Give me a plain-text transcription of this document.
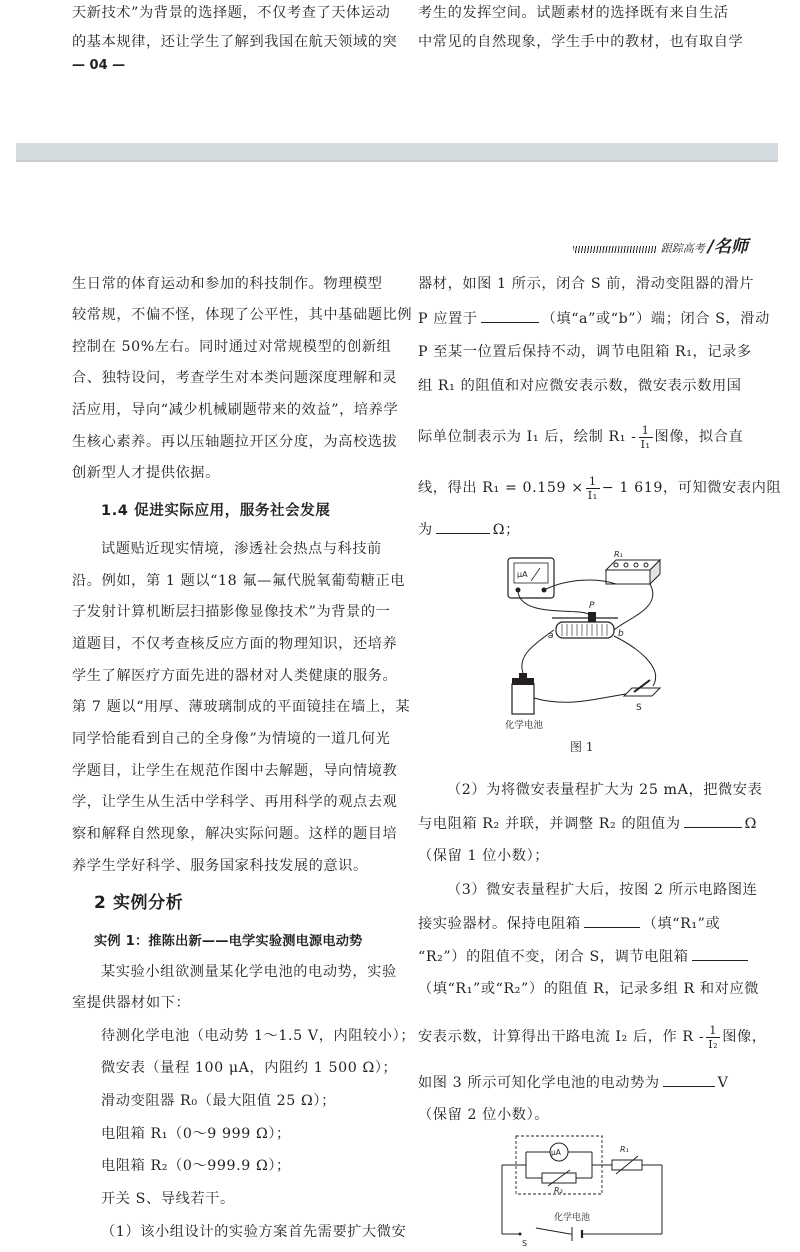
天新技术”为背景的选择题，不仅考查了天体运动
的基本规律，还让学生了解到我国在航天领域的突
考生的发挥空间。试题素材的选择既有来自生活
中常见的自然现象，学生手中的教材，也有取自学
— 04 —
跟踪高考 /名师
生日常的体育运动和参加的科技制作。物理模型
较常规，不偏不怪，体现了公平性，其中基础题比例
控制在 50%左右。同时通过对常规模型的创新组
合、独特设问，考查学生对本类问题深度理解和灵
活应用，导向“减少机械刷题带来的效益”，培养学
生核心素养。再以压轴题拉开区分度，为高校选拔
创新型人才提供依据。
1.4 促进实际应用，服务社会发展
试题贴近现实情境，渗透社会热点与科技前
沿。例如，第 1 题以“18 氟—氟代脱氧葡萄糖正电
子发射计算机断层扫描影像显像技术”为背景的一
道题目，不仅考查核反应方面的物理知识，还培养
学生了解医疗方面先进的器材对人类健康的服务。
第 7 题以“用厚、薄玻璃制成的平面镜挂在墙上，某
同学恰能看到自己的全身像”为情境的一道几何光
学题目，让学生在规范作图中去解题，导向情境教
学，让学生从生活中学科学、再用科学的观点去观
察和解释自然现象，解决实际问题。这样的题目培
养学生学好科学、服务国家科技发展的意识。
2 实例分析
实例 1：推陈出新——电学实验测电源电动势
某实验小组欲测量某化学电池的电动势，实验
室提供器材如下：
待测化学电池（电动势 1～1.5 V，内阻较小）；
微安表（量程 100 μA，内阻约 1 500 Ω）；
滑动变阻器 R₀（最大阻值 25 Ω）；
电阻箱 R₁（0～9 999 Ω）；
电阻箱 R₂（0～999.9 Ω）；
开关 S、导线若干。
（1）该小组设计的实验方案首先需要扩大微安
器材，如图 1 所示，闭合 S 前，滑动变阻器的滑片
P 应置于	（填“a”或“b”）端；闭合 S，滑动
P 至某一位置后保持不动，调节电阻箱 R₁，记录多
组 R₁ 的阻值和对应微安表示数，微安表示数用国
际单位制表示为 I₁ 后，绘制 $R_1 - \frac{1}{\text{I₁}}$ 图像，拟合直
线，得出 $R_1 = 0.159 \times \frac{1}{\text{I₁}} - 1$ 619，可知微安表内阻
为	Ω；
μA
R₁
P
a	b
化学电池
S
图 1
（2）为将微安表量程扩大为 25 mA，把微安表
与电阻箱 R₂ 并联，并调整 R₂ 的阻值为	Ω
（保留 1 位小数）；
（3）微安表量程扩大后，按图 2 所示电路图连
接实验器材。保持电阻箱	（填“R₁”或
“R₂”）的阻值不变，闭合 S，调节电阻箱
（填“R₁”或“R₂”）的阻值 R，记录多组 R 和对应微
安表示数，计算得出干路电流 I₂ 后，作 R - $\frac{1}{\text{I₂}}$ 图像，
如图 3 所示可知化学电池的电动势为	V
（保留 2 位小数）。
μA
R₂
R₁
化学电池
S
